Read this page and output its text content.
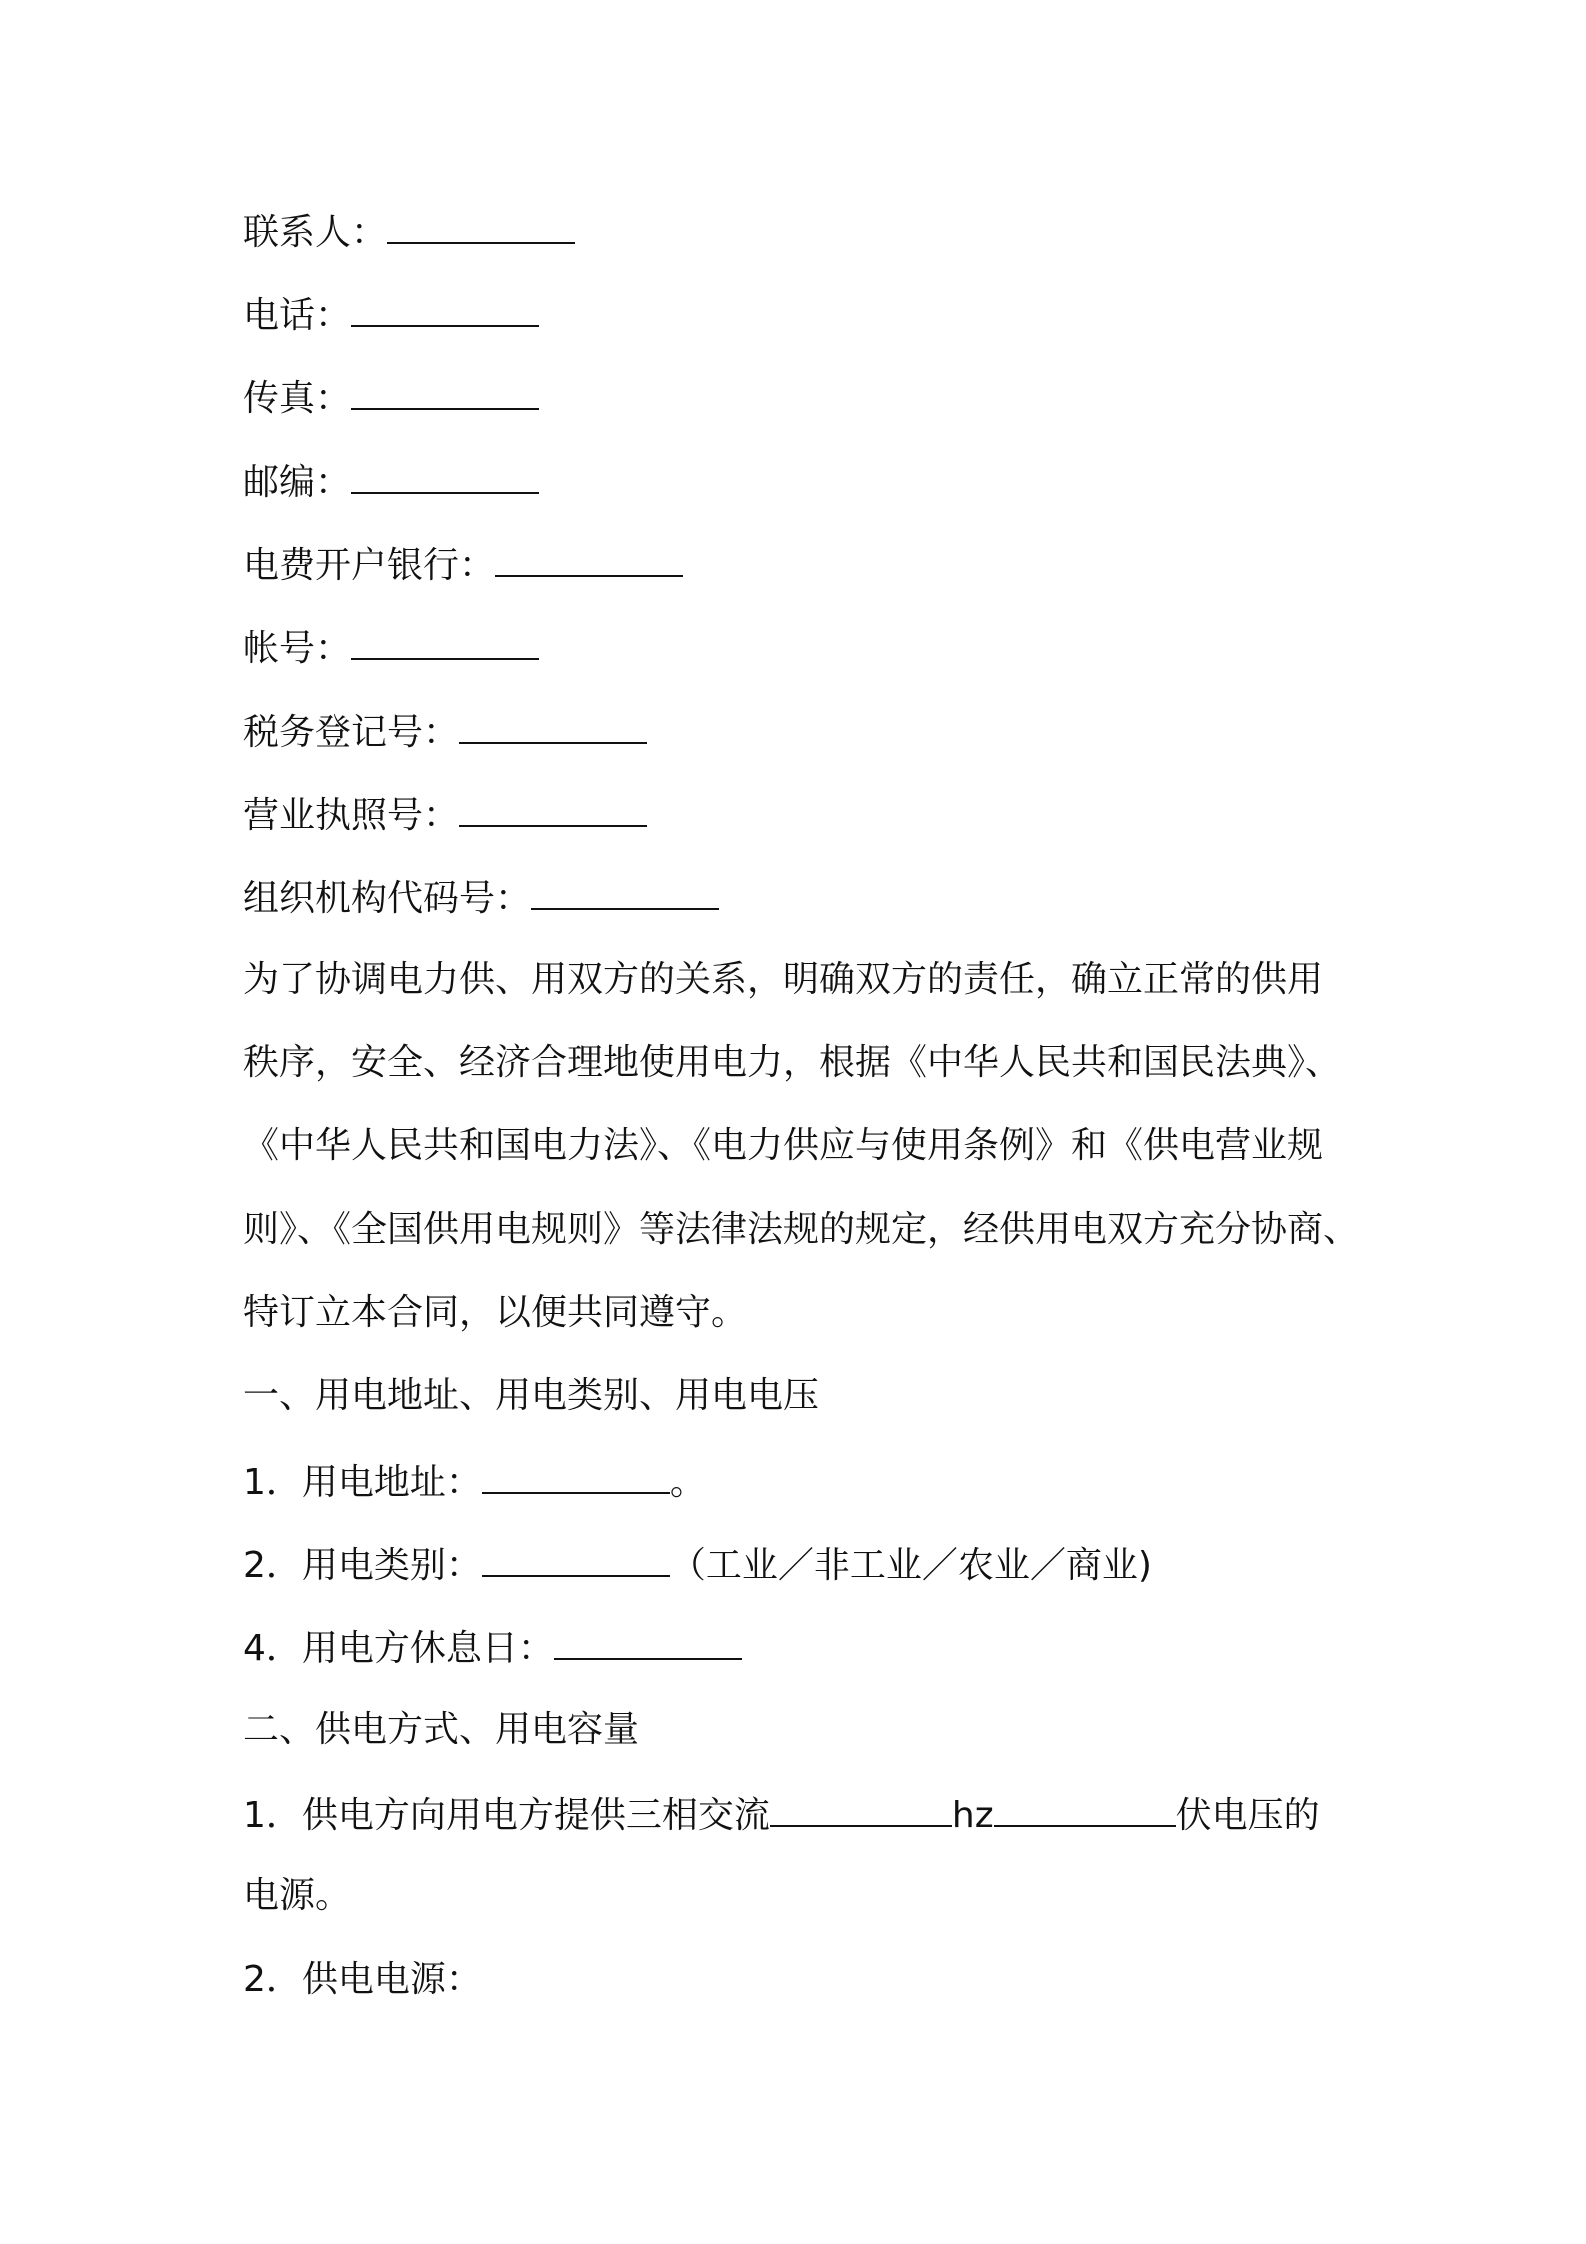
联系人：
电话：
传真：
邮编：
电费开户银行：
帐号：
税务登记号：
营业执照号：
组织机构代码号：
为了协调电力供、用双方的关系，明确双方的责任，确立正常的供用
秩序，安全、经济合理地使用电力，根据《中华人民共和国民法典》、
《中华人民共和国电力法》、《电力供应与使用条例》和《供电营业规
则》、《全国供用电规则》等法律法规的规定，经供用电双方充分协商、
特订立本合同，以便共同遵守。
一、用电地址、用电类别、用电电压
1．用电地址：	。
2．用电类别：	（工业／非工业／农业／商业)
4．用电方休息日：
二、供电方式、用电容量
1．供电方向用电方提供三相交流	hz	伏电压的
电源。
2．供电电源：
